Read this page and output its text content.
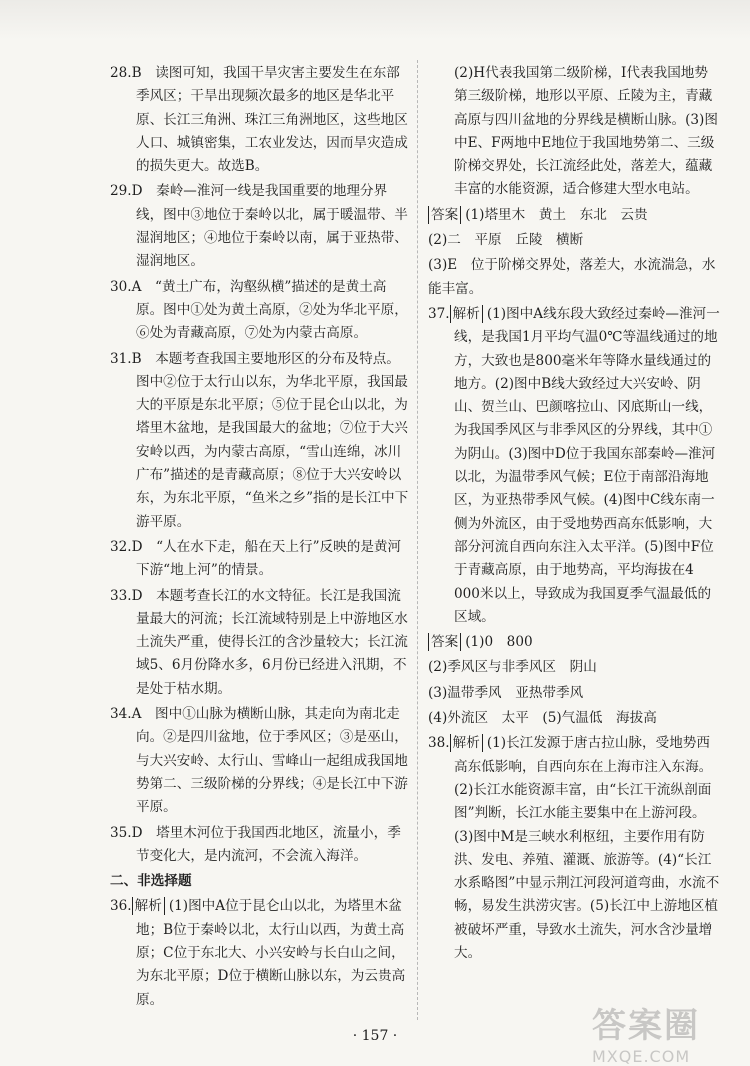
28.B　读图可知，我国干旱灾害主要发生在东部季风区；干旱出现频次最多的地区是华北平原、长江三角洲、珠江三角洲地区，这些地区人口、城镇密集，工农业发达，因而旱灾造成的损失更大。故选B。

29.D　秦岭—淮河一线是我国重要的地理分界线，图中③地位于秦岭以北，属于暖温带、半湿润地区；④地位于秦岭以南，属于亚热带、湿润地区。

30.A　“黄土广布，沟壑纵横”描述的是黄土高原。图中①处为黄土高原，②处为华北平原，⑥处为青藏高原，⑦处为内蒙古高原。

31.B　本题考查我国主要地形区的分布及特点。图中②位于太行山以东，为华北平原，我国最大的平原是东北平原；⑤位于昆仑山以北，为塔里木盆地，是我国最大的盆地；⑦位于大兴安岭以西，为内蒙古高原，“雪山连绵，冰川广布”描述的是青藏高原；⑧位于大兴安岭以东，为东北平原，“鱼米之乡”指的是长江中下游平原。

32.D　“人在水下走，船在天上行”反映的是黄河下游“地上河”的情景。

33.D　本题考查长江的水文特征。长江是我国流量最大的河流；长江流域特别是上中游地区水土流失严重，使得长江的含沙量较大；长江流域5、6月份降水多，6月份已经进入汛期，不是处于枯水期。

34.A　图中①山脉为横断山脉，其走向为南北走向。②是四川盆地，位于季风区；③是巫山，与大兴安岭、太行山、雪峰山一起组成我国地势第二、三级阶梯的分界线；④是长江中下游平原。

35.D　塔里木河位于我国西北地区，流量小，季节变化大，是内流河，不会流入海洋。

二、非选择题

36. 解析 (1)图中A位于昆仑山以北，为塔里木盆地；B位于秦岭以北，太行山以西，为黄土高原；C位于东北大、小兴安岭与长白山之间，为东北平原；D位于横断山脉以东，为云贵高原。

(2)H代表我国第二级阶梯，I代表我国地势第三级阶梯，地形以平原、丘陵为主，青藏高原与四川盆地的分界线是横断山脉。(3)图中E、F两地中E地位于我国地势第二、三级阶梯交界处，长江流经此处，落差大，蕴藏丰富的水能资源，适合修建大型水电站。

答案 (1)塔里木　黄土　东北　云贵

(2)二　平原　丘陵　横断

(3)E　位于阶梯交界处，落差大，水流湍急，水能丰富。

37. 解析 (1)图中A线东段大致经过秦岭—淮河一线，是我国1月平均气温0℃等温线通过的地方，大致也是800毫米年等降水量线通过的地方。(2)图中B线大致经过大兴安岭、阴山、贺兰山、巴颜喀拉山、冈底斯山一线，为我国季风区与非季风区的分界线，其中①为阴山。(3)图中D位于我国东部秦岭—淮河以北，为温带季风气候；E位于南部沿海地区，为亚热带季风气候。(4)图中C线东南一侧为外流区，由于受地势西高东低影响，大部分河流自西向东注入太平洋。(5)图中F位于青藏高原，由于地势高，平均海拔在4 000米以上，导致成为我国夏季气温最低的区域。

答案 (1)0　800

(2)季风区与非季风区　阴山

(3)温带季风　亚热带季风

(4)外流区　太平　(5)气温低　海拔高

38. 解析 (1)长江发源于唐古拉山脉，受地势西高东低影响，自西向东在上海市注入东海。(2)长江水能资源丰富，由“长江干流纵剖面图”判断，长江水能主要集中在上游河段。(3)图中M是三峡水利枢纽，主要作用有防洪、发电、养殖、灌溉、旅游等。(4)“长江水系略图”中显示荆江河段河道弯曲，水流不畅，易发生洪涝灾害。(5)长江中上游地区植被破坏严重，导致水土流失，河水含沙量增大。

· 157 ·	答案圈
MXQE.COM
